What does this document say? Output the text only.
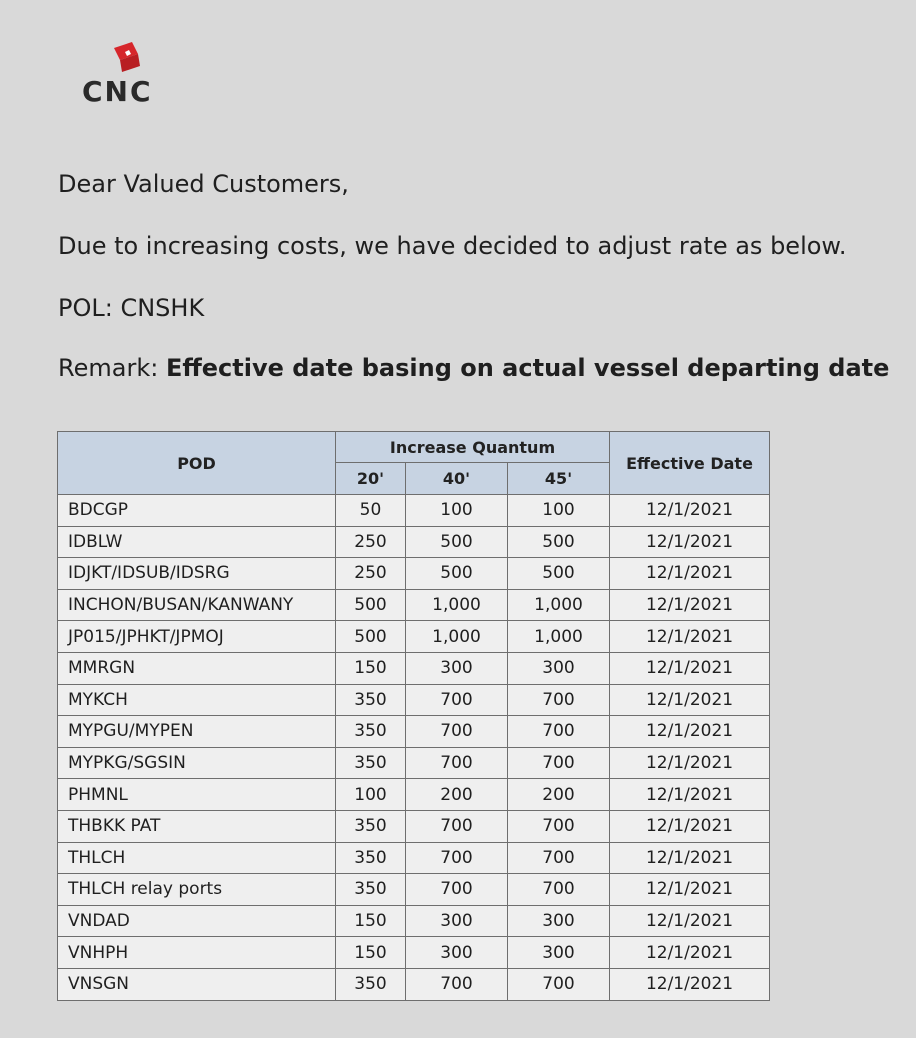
CNC
Dear Valued Customers,
Due to increasing costs, we have decided to adjust rate as below.
POL: CNSHK
Remark: Effective date basing on actual vessel departing date
POD	Increase Quantum			Effective Date
	20'	40'	45'	
BDCGP	50	100	100	12/1/2021
IDBLW	250	500	500	12/1/2021
IDJKT/IDSUB/IDSRG	250	500	500	12/1/2021
INCHON/BUSAN/KANWANY	500	1,000	1,000	12/1/2021
JP015/JPHKT/JPMOJ	500	1,000	1,000	12/1/2021
MMRGN	150	300	300	12/1/2021
MYKCH	350	700	700	12/1/2021
MYPGU/MYPEN	350	700	700	12/1/2021
MYPKG/SGSIN	350	700	700	12/1/2021
PHMNL	100	200	200	12/1/2021
THBKK PAT	350	700	700	12/1/2021
THLCH	350	700	700	12/1/2021
THLCH relay ports	350	700	700	12/1/2021
VNDAD	150	300	300	12/1/2021
VNHPH	150	300	300	12/1/2021
VNSGN	350	700	700	12/1/2021
